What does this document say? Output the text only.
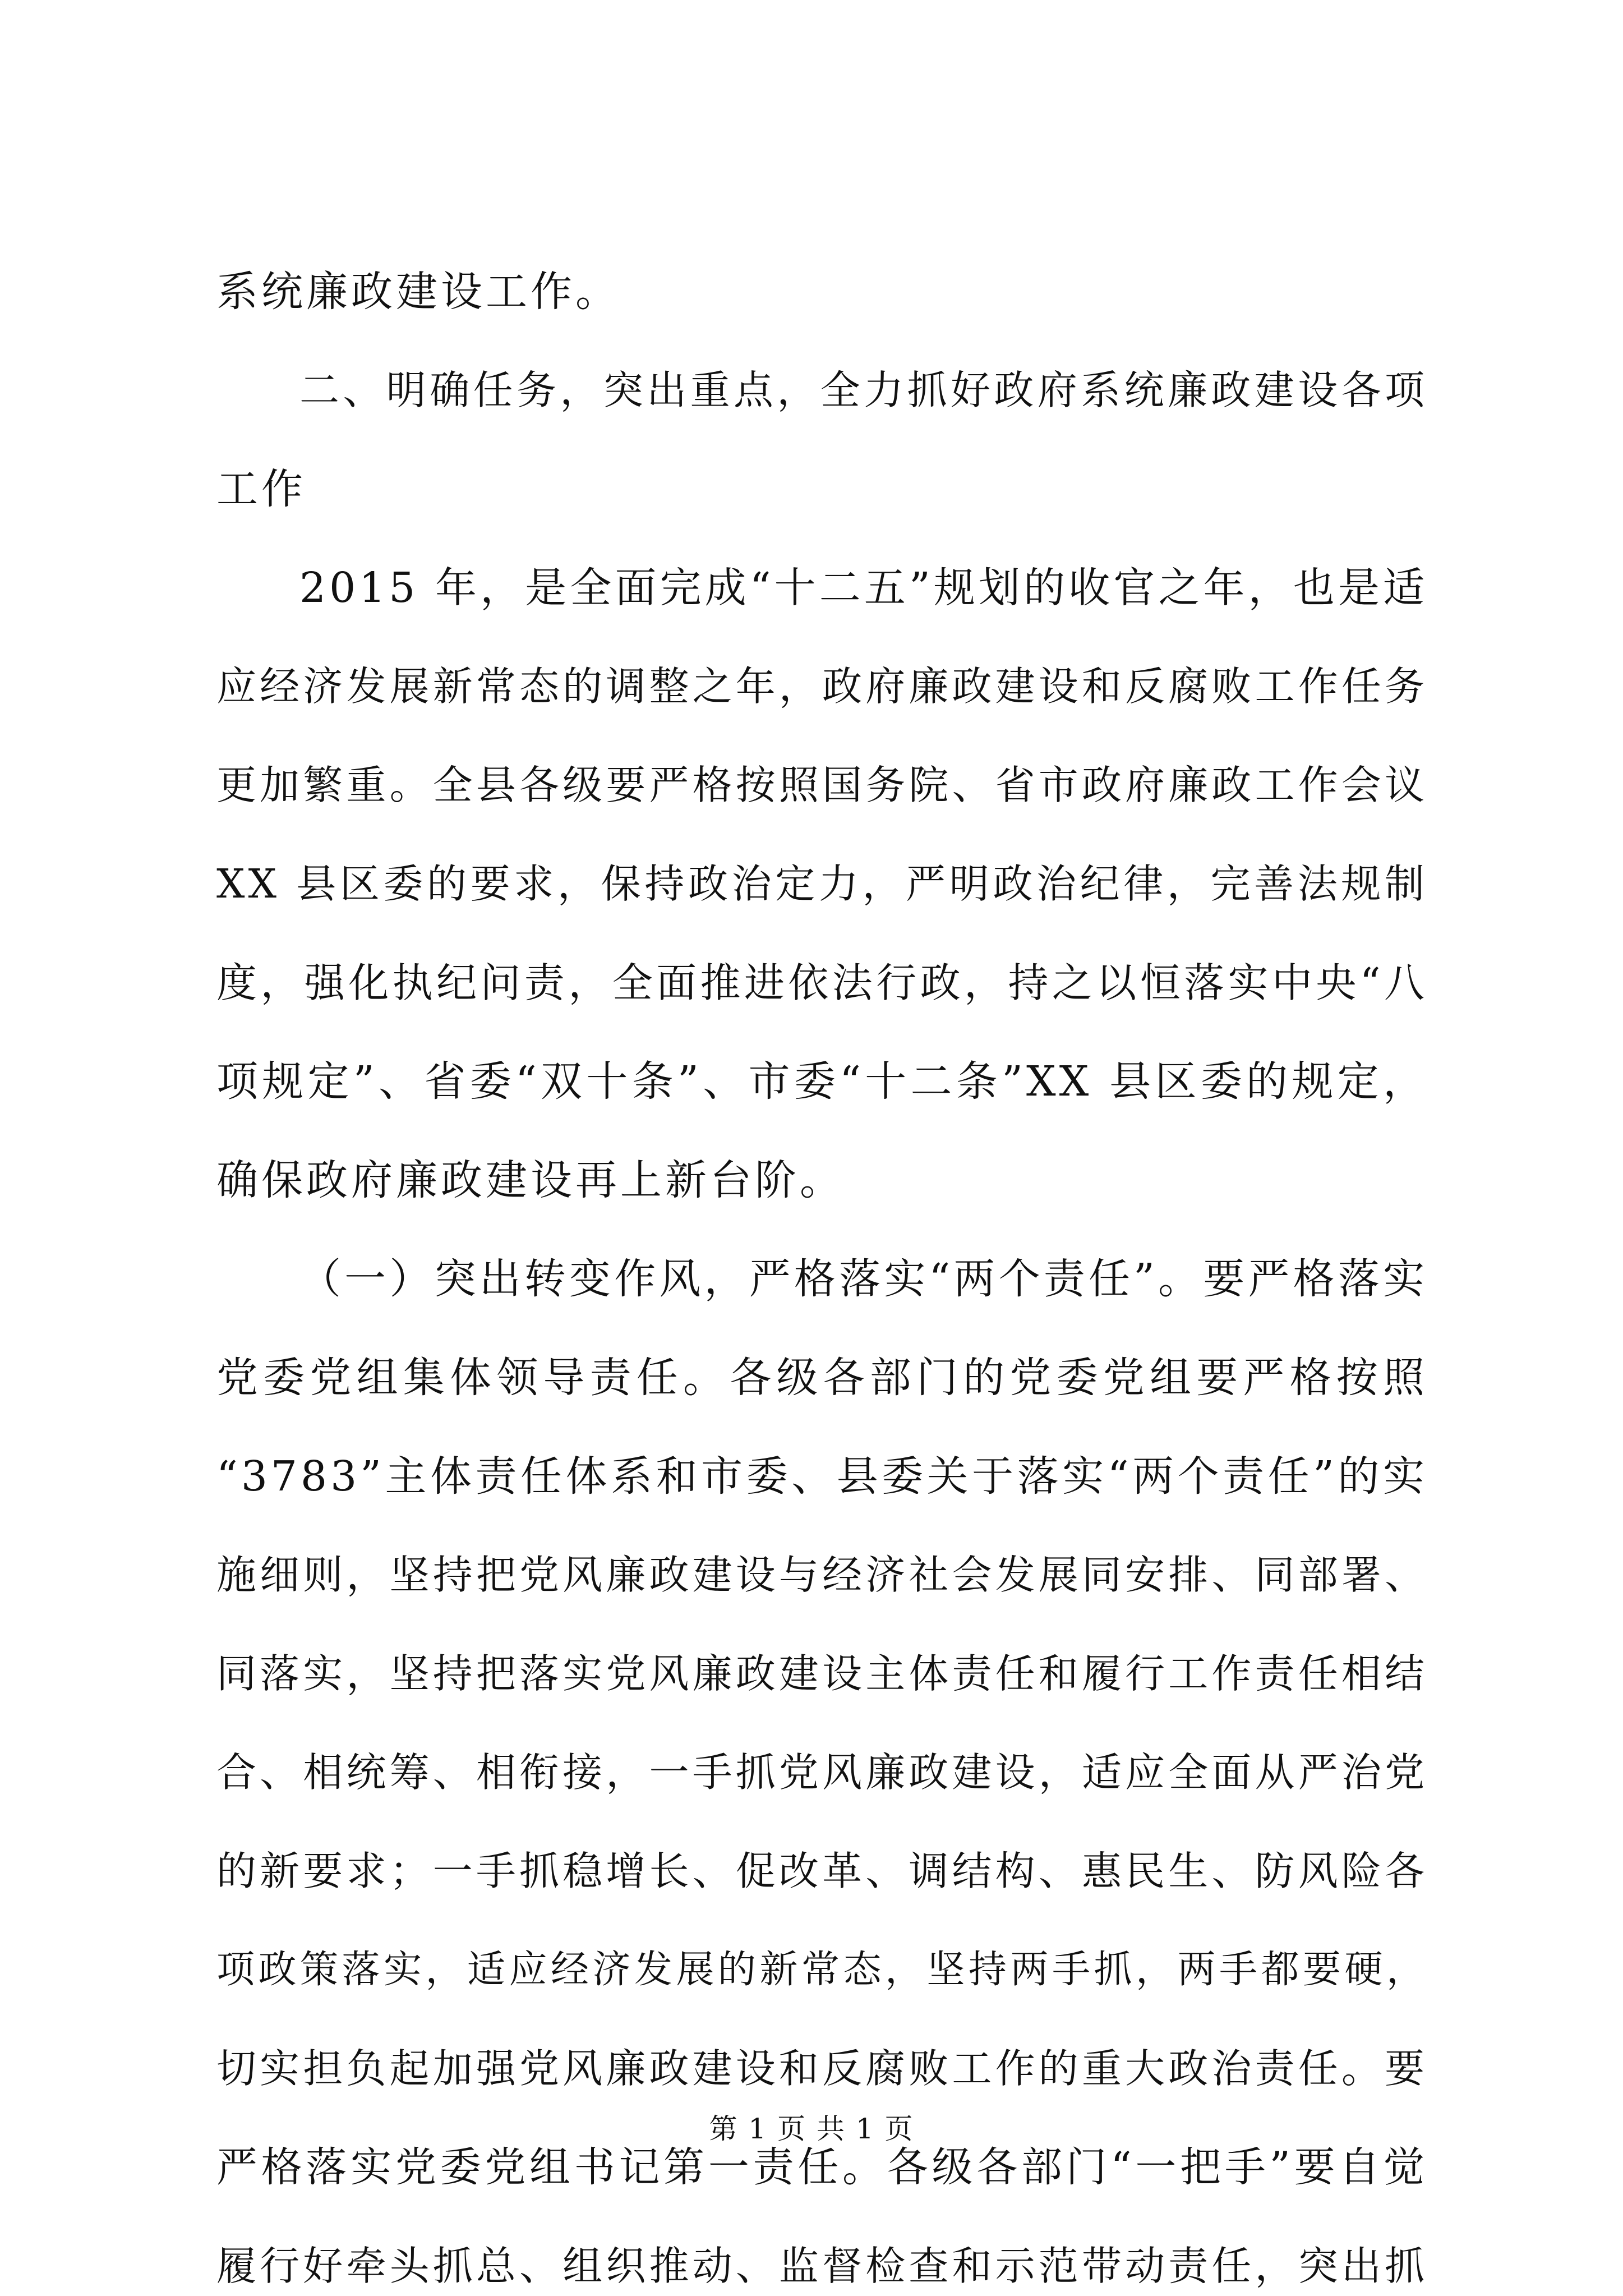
系统廉政建设工作。
二、明确任务，突出重点，全力抓好政府系统廉政建设各项
工作
2015 年，是全面完成“十二五”规划的收官之年，也是适
应经济发展新常态的调整之年，政府廉政建设和反腐败工作任务
更加繁重。全县各级要严格按照国务院、省市政府廉政工作会议
XX 县区委的要求，保持政治定力，严明政治纪律，完善法规制
度，强化执纪问责，全面推进依法行政，持之以恒落实中央“八
项规定”、省委“双十条”、市委“十二条”XX 县区委的规定，
确保政府廉政建设再上新台阶。
（一）突出转变作风，严格落实“两个责任”。要严格落实
党委党组集体领导责任。各级各部门的党委党组要严格按照
“3783”主体责任体系和市委、县委关于落实“两个责任”的实
施细则，坚持把党风廉政建设与经济社会发展同安排、同部署、
同落实，坚持把落实党风廉政建设主体责任和履行工作责任相结
合、相统筹、相衔接，一手抓党风廉政建设，适应全面从严治党
的新要求；一手抓稳增长、促改革、调结构、惠民生、防风险各
项政策落实，适应经济发展的新常态，坚持两手抓，两手都要硬，
切实担负起加强党风廉政建设和反腐败工作的重大政治责任。要
严格落实党委党组书记第一责任。各级各部门“一把手”要自觉
履行好牵头抓总、组织推动、监督检查和示范带动责任，突出抓
第 1 页 共 1 页
